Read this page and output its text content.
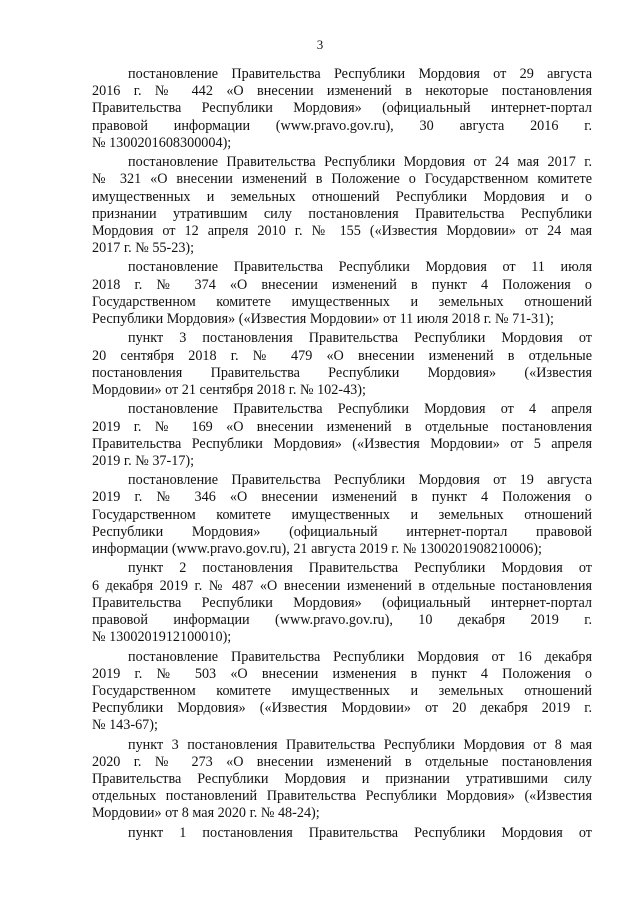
3
постановление Правительства Республики Мордовия от 29 августа
2016 г. № 442 «О внесении изменений в некоторые постановления
Правительства Республики Мордовия» (официальный интернет-портал
правовой информации (www.pravo.gov.ru), 30 августа 2016 г.
№ 1300201608300004);
постановление Правительства Республики Мордовия от 24 мая 2017 г.
№ 321 «О внесении изменений в Положение о Государственном комитете
имущественных и земельных отношений Республики Мордовия и о
признании утратившим силу постановления Правительства Республики
Мордовия от 12 апреля 2010 г. № 155 («Известия Мордовии» от 24 мая
2017 г. № 55-23);
постановление Правительства Республики Мордовия от 11 июля
2018 г. № 374 «О внесении изменений в пункт 4 Положения о
Государственном комитете имущественных и земельных отношений
Республики Мордовия» («Известия Мордовии» от 11 июля 2018 г. № 71-31);
пункт 3 постановления Правительства Республики Мордовия от
20 сентября 2018 г. № 479 «О внесении изменений в отдельные
постановления Правительства Республики Мордовия» («Известия
Мордовии» от 21 сентября 2018 г. № 102-43);
постановление Правительства Республики Мордовия от 4 апреля
2019 г. № 169 «О внесении изменений в отдельные постановления
Правительства Республики Мордовия» («Известия Мордовии» от 5 апреля
2019 г. № 37-17);
постановление Правительства Республики Мордовия от 19 августа
2019 г. № 346 «О внесении изменений в пункт 4 Положения о
Государственном комитете имущественных и земельных отношений
Республики Мордовия» (официальный интернет-портал правовой
информации (www.pravo.gov.ru), 21 августа 2019 г. № 1300201908210006);
пункт 2 постановления Правительства Республики Мордовия от
6 декабря 2019 г. № 487 «О внесении изменений в отдельные постановления
Правительства Республики Мордовия» (официальный интернет-портал
правовой информации (www.pravo.gov.ru), 10 декабря 2019 г.
№ 1300201912100010);
постановление Правительства Республики Мордовия от 16 декабря
2019 г. № 503 «О внесении изменения в пункт 4 Положения о
Государственном комитете имущественных и земельных отношений
Республики Мордовия» («Известия Мордовии» от 20 декабря 2019 г.
№ 143-67);
пункт 3 постановления Правительства Республики Мордовия от 8 мая
2020 г. № 273 «О внесении изменений в отдельные постановления
Правительства Республики Мордовия и признании утратившими силу
отдельных постановлений Правительства Республики Мордовия» («Известия
Мордовии» от 8 мая 2020 г. № 48-24);
пункт 1 постановления Правительства Республики Мордовия от
